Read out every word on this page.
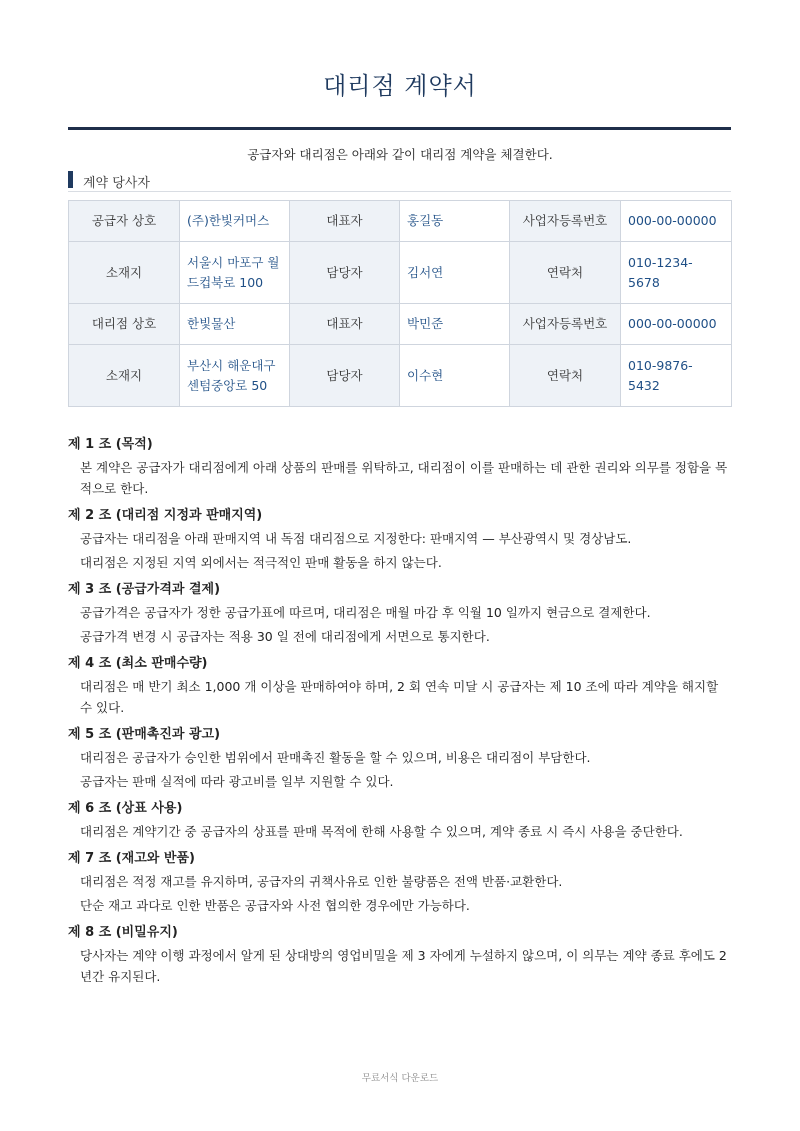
대리점 계약서
공급자와 대리점은 아래와 같이 대리점 계약을 체결한다.
계약 당사자
공급자 상호	(주)한빛커머스	대표자	홍길동	사업자등록번호	000-00-00000
소재지	서울시 마포구 월드컵북로 100	담당자	김서연	연락처	010-1234-5678
대리점 상호	한빛물산	대표자	박민준	사업자등록번호	000-00-00000
소재지	부산시 해운대구 센텀중앙로 50	담당자	이수현	연락처	010-9876-5432
제 1 조 (목적)
본 계약은 공급자가 대리점에게 아래 상품의 판매를 위탁하고, 대리점이 이를 판매하는 데 관한 권리와 의무를 정함을 목적으로 한다.
제 2 조 (대리점 지정과 판매지역)
공급자는 대리점을 아래 판매지역 내 독점 대리점으로 지정한다: 판매지역 — 부산광역시 및 경상남도.
대리점은 지정된 지역 외에서는 적극적인 판매 활동을 하지 않는다.
제 3 조 (공급가격과 결제)
공급가격은 공급자가 정한 공급가표에 따르며, 대리점은 매월 마감 후 익월 10 일까지 현금으로 결제한다.
공급가격 변경 시 공급자는 적용 30 일 전에 대리점에게 서면으로 통지한다.
제 4 조 (최소 판매수량)
대리점은 매 반기 최소 1,000 개 이상을 판매하여야 하며, 2 회 연속 미달 시 공급자는 제 10 조에 따라 계약을 해지할 수 있다.
제 5 조 (판매촉진과 광고)
대리점은 공급자가 승인한 범위에서 판매촉진 활동을 할 수 있으며, 비용은 대리점이 부담한다.
공급자는 판매 실적에 따라 광고비를 일부 지원할 수 있다.
제 6 조 (상표 사용)
대리점은 계약기간 중 공급자의 상표를 판매 목적에 한해 사용할 수 있으며, 계약 종료 시 즉시 사용을 중단한다.
제 7 조 (재고와 반품)
대리점은 적정 재고를 유지하며, 공급자의 귀책사유로 인한 불량품은 전액 반품·교환한다.
단순 재고 과다로 인한 반품은 공급자와 사전 협의한 경우에만 가능하다.
제 8 조 (비밀유지)
당사자는 계약 이행 과정에서 알게 된 상대방의 영업비밀을 제 3 자에게 누설하지 않으며, 이 의무는 계약 종료 후에도 2 년간 유지된다.
무료서식 다운로드
